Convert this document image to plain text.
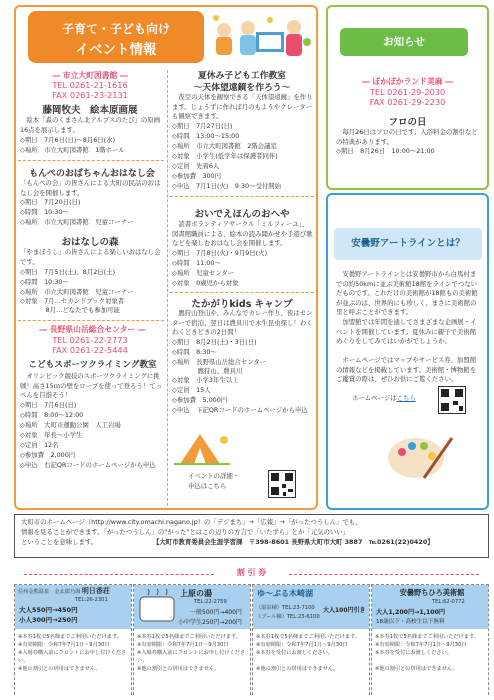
子育て・子ども向け
イベント情報
― 市立大町図書館 ―
TEL 0261-21-1616
FAX 0261-23-2131
藤岡牧夫　絵本原画展
　絵本「森のくまさん北アルプスのたび」の原画16点を展示します。
◇期日　7月6日(日)～8月6日(水)
◇場所　市立大町図書館　1階ホール
もんぺのおばちゃんおはなし会
「もんぺの会」の皆さんによる大町の民話のおはなし会を開催します。
◇期日　7月20日(日)
◇時間　10:30～
◇場所　市立大町図書館　児童コーナー
おはなしの森
「やまぼうし」の皆さんによる楽しいおはなし会です。
◇期日　7月5日(土)、8月2日(土)
◇時間　10:30～
◇場所　市立大町図書館　児童コーナー
◇対象　7月…セカンドブック対象者
　　　　8月…どなたでも参加可能
― 長野県山岳総合センター ―
TEL 0261-22-2773
FAX 0261-22-5444
こどもスポーツクライミング教室
　オリンピック競技のスポーツクライミングに挑戦！高さ15ｍの壁をロープを使って登ろう！てっぺんを目指そう！
◇期日　7月6日(日)
◇時間　8:00～12:00
◇場所　大町市運動公園　人工岩場
◇対象　年長～小学生
◇定員　12名
◇参加費　2,000円
◇申込　右記QRコードのホームページから申込
夏休み子ども工作教室
～天体望遠鏡を作ろう～
　夜空の天体を観察できる「天体望遠鏡」を作ります。じょうずに作れば月のもようやクレーターも観察できます。
◇期日　7月27日(日)
◇時間　13:00～15:00
◇場所　市立大町図書館　2階会議室
◇対象　小学生(低学年は保護者同伴)
◇定員　先着6人
◇参加費　300円
◇申込　7月1日(火)　9:30～受付開始
おいでえほんのおへや
　読書ボランティアサークル「ミルフィーユ」、図書館職員による、絵本の読み聞かせや手遊び歌などを楽しむおはなし会を開催します。
◇期日　7月8日(火)・9月9日(火)
◇時間　11:00～
◇場所　児童センター
◇対象　0歳児から対象
たかがりkids キャンプ
　鷹狩山登山や、みんなでカレー作り、夜はセンターで宿泊、翌日は農具川で木生昆虫探し！わくわくどきどきの2日間！
◇期日　8月2日(土)・3日(日)
◇時間　8:30～
◇場所　長野県山岳総合センター
　　　　鷹狩山、農具川
◇対象　小学3年生以上
◇定員　15人
◇参加費　5,000円
◇申込　下記QRコードのホームページから申込
イベントの詳細・
申込はこちら
お知らせ
― ぽかぽかランド美麻 ―
TEL 0261-29-2030
FAX 0261-29-2230
フロの日
　毎月26日はフロの日です。入浴料金の割引などの特典があります。
◇期日　8月26日　10:00～21:00
安曇野アートラインとは？
　安曇野アートラインとは安曇野市から白馬村までの約50kmに並ぶ美術館18館をラインでつないだものです。これだけの美術館が18館もの美術館が並ぶのは、世界的にも珍しく、まさに美術館の里と呼ぶことができます。
　加盟館では年間を通してさまざまな企画展・イベントを開催しています。夏休みに親子で美術館めぐりをしてみてはいかがでしょうか。
　ホームページではマップやサービス券、加盟館の情報などを掲載しています。美術館・博物館をご鑑賞の際は、ぜひお供にご覧ください。
ホームページはこちら
大町市のホームページ（http://www.city.omachi.nagano.jp）の「デジまち」→「広報」→「がったつうしん」でも、
情報を見ることができます。「がったつうしん」の"がった"とはこの辺りの方言で「いたずら」とか「元気のいい」
ということを意味します。	【大町市教育委員会生涯学習課　〒398-8601 長野県大町市大町 3887　℡0261(22)0420】
割 引 券
信州金熊温泉　金太郎乃湯 明日香荘
TEL:26-2301
大人550円→450円
小人300円→250円
※本券1枚で5名様までご利用いただけます。
※有効期限：令和7年7月1日～9月30日
※入場券購入前にフロントにお申し付けください。
※他の割引との併用はできません。
上原の湯
TEL:22-2759
一般500円→400円
小中学生250円→200円
※本券1枚で5名様までご利用いただけます。
※有効期限：令和7年7月1日～9月30日
※入場券購入前にフロントにお申し付けください。
※他の割引との併用はできません。
ゆ～ぷる木崎湖
（温泉棟）TEL:23-7100
（プール棟）TEL:23-6100
大人100円引き
※本券1枚で5名様までご利用いただけます。
※有効期限：令和7年7月1日～9月30日
※本券を受付にお渡しください。
※他の割引との併用はできません。
安曇野ちひろ美術館
TEL:62-0772
大人1,200円→1,100円
18歳以下・高校生以下無料
※本券1枚で5名様までご利用いただけます。
※有効期限：令和7年7月1日～9月30日
※本券を受付にお渡しください。
※他の割引との併用はできません。
